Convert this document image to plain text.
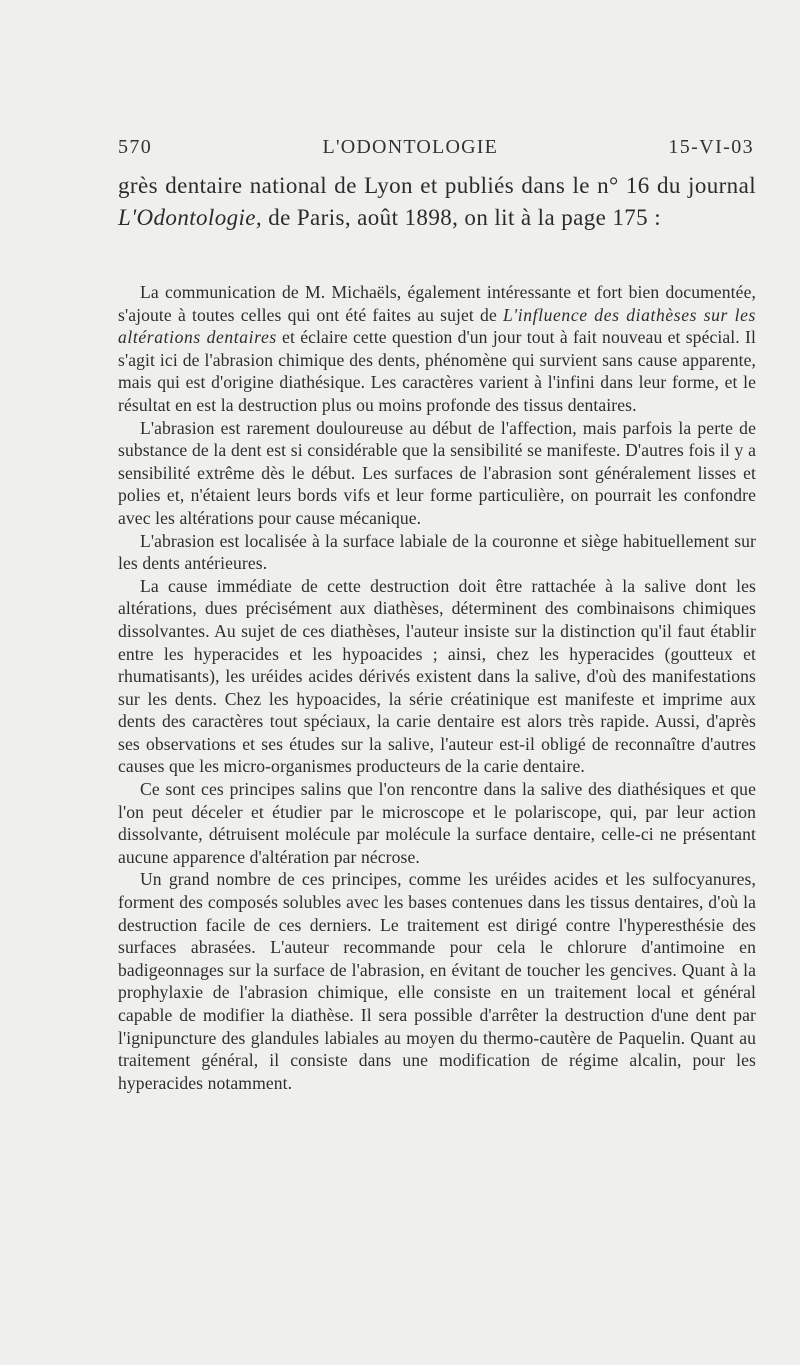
570	L'ODONTOLOGIE	15-VI-03
grès dentaire national de Lyon et publiés dans le n° 16 du journal L'Odontologie, de Paris, août 1898, on lit à la page 175 :

La communication de M. Michaëls, également intéressante et fort bien documentée, s'ajoute à toutes celles qui ont été faites au sujet de L'influence des diathèses sur les altérations dentaires et éclaire cette question d'un jour tout à fait nouveau et spécial. Il s'agit ici de l'abrasion chimique des dents, phénomène qui survient sans cause apparente, mais qui est d'origine diathésique. Les caractères varient à l'infini dans leur forme, et le résultat en est la destruction plus ou moins profonde des tissus dentaires.

L'abrasion est rarement douloureuse au début de l'affection, mais parfois la perte de substance de la dent est si considérable que la sensibilité se manifeste. D'autres fois il y a sensibilité extrême dès le début. Les surfaces de l'abrasion sont généralement lisses et polies et, n'étaient leurs bords vifs et leur forme particulière, on pourrait les confondre avec les altérations pour cause mécanique.

L'abrasion est localisée à la surface labiale de la couronne et siège habituellement sur les dents antérieures.

La cause immédiate de cette destruction doit être rattachée à la salive dont les altérations, dues précisément aux diathèses, déterminent des combinaisons chimiques dissolvantes. Au sujet de ces diathèses, l'auteur insiste sur la distinction qu'il faut établir entre les hyperacides et les hypoacides ; ainsi, chez les hyperacides (goutteux et rhumatisants), les uréides acides dérivés existent dans la salive, d'où des manifestations sur les dents. Chez les hypoacides, la série créatinique est manifeste et imprime aux dents des caractères tout spéciaux, la carie dentaire est alors très rapide. Aussi, d'après ses observations et ses études sur la salive, l'auteur est-il obligé de reconnaître d'autres causes que les micro-organismes producteurs de la carie dentaire.

Ce sont ces principes salins que l'on rencontre dans la salive des diathésiques et que l'on peut déceler et étudier par le microscope et le polariscope, qui, par leur action dissolvante, détruisent molécule par molécule la surface dentaire, celle-ci ne présentant aucune apparence d'altération par nécrose.

Un grand nombre de ces principes, comme les uréides acides et les sulfocyanures, forment des composés solubles avec les bases contenues dans les tissus dentaires, d'où la destruction facile de ces derniers. Le traitement est dirigé contre l'hyperesthésie des surfaces abrasées. L'auteur recommande pour cela le chlorure d'antimoine en badigeonnages sur la surface de l'abrasion, en évitant de toucher les gencives. Quant à la prophylaxie de l'abrasion chimique, elle consiste en un traitement local et général capable de modifier la diathèse. Il sera possible d'arrêter la destruction d'une dent par l'ignipuncture des glandules labiales au moyen du thermo-cautère de Paquelin. Quant au traitement général, il consiste dans une modification de régime alcalin, pour les hyperacides notamment.
